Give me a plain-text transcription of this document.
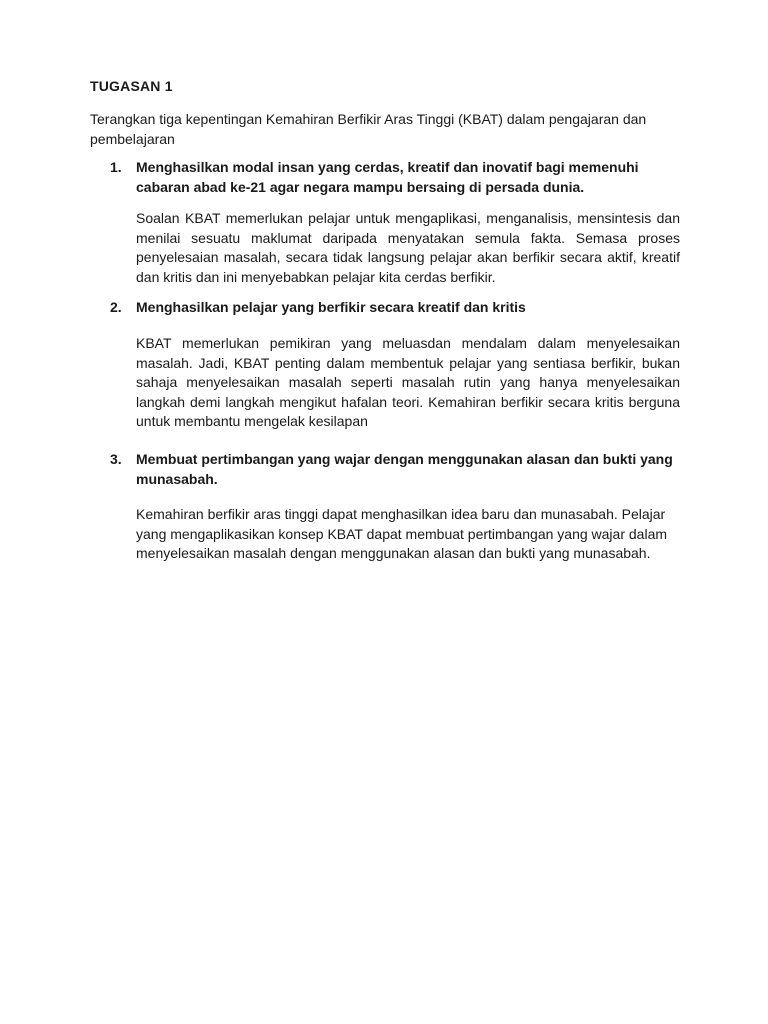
TUGASAN 1
Terangkan tiga kepentingan Kemahiran Berfikir Aras Tinggi (KBAT) dalam pengajaran dan pembelajaran
1. Menghasilkan modal insan yang cerdas, kreatif dan inovatif bagi memenuhi cabaran abad ke-21 agar negara mampu bersaing di persada dunia.
Soalan KBAT memerlukan pelajar untuk mengaplikasi, menganalisis, mensintesis dan menilai sesuatu maklumat daripada menyatakan semula fakta. Semasa proses penyelesaian masalah, secara tidak langsung pelajar akan berfikir secara aktif, kreatif dan kritis dan ini menyebabkan pelajar kita cerdas berfikir.
2. Menghasilkan pelajar yang berfikir secara kreatif dan kritis
KBAT memerlukan pemikiran yang meluasdan mendalam dalam menyelesaikan masalah. Jadi, KBAT penting dalam membentuk pelajar yang sentiasa berfikir, bukan sahaja menyelesaikan masalah seperti masalah rutin yang hanya menyelesaikan langkah demi langkah mengikut hafalan teori. Kemahiran berfikir secara kritis berguna untuk membantu mengelak kesilapan
3. Membuat pertimbangan yang wajar dengan menggunakan alasan dan bukti yang munasabah.
Kemahiran berfikir aras tinggi dapat menghasilkan idea baru dan munasabah. Pelajar yang mengaplikasikan konsep KBAT dapat membuat pertimbangan yang wajar dalam menyelesaikan masalah dengan menggunakan alasan dan bukti yang munasabah.
